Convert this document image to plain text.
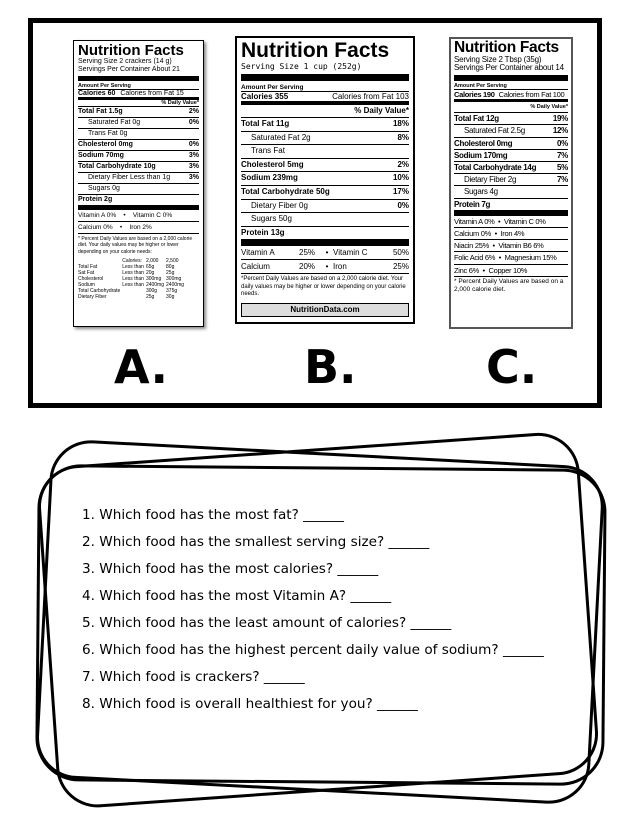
Nutrition Facts
Serving Size 2 crackers (14 g)
Servings Per Container About 21
Amount Per Serving
Calories 60 Calories from Fat 15
% Daily Value*
Total Fat 1.5g	2%
Saturated Fat 0g	0%
Trans Fat 0g
Cholesterol 0mg	0%
Sodium 70mg	3%
Total Carbohydrate 10g	3%
Dietary Fiber Less than 1g	3%
Sugars 0g
Protein 2g
Vitamin A 0%    •    Vitamin C 0%
Calcium 0%    •    Iron 2%
* Percent Daily Values are based on a 2,000 calorie diet. Your daily values may be higher or lower depending on your calorie needs:
	Calories:	2,000	2,500
Total Fat	Less than	65g	80g
Sat Fat	Less than	20g	25g
Cholesterol	Less than	300mg	300mg
Sodium	Less than	2400mg	2400mg
Total Carbohydrate		300g	375g
Dietary Fiber		25g	30g
Nutrition Facts
Serving Size 1 cup (252g)
Amount Per Serving
Calories 355	Calories from Fat 103
% Daily Value*
Total Fat 11g	18%
Saturated Fat 2g	8%
Trans Fat
Cholesterol 5mg	2%
Sodium 239mg	10%
Total Carbohydrate 50g	17%
Dietary Fiber 0g	0%
Sugars 50g
Protein 13g
Vitamin A	25%	• Vitamin C	50%
Calcium	20%	• Iron	25%
*Percent Daily Values are based on a 2,000 calorie diet. Your daily values may be higher or lower depending on your calorie needs.
NutritionData.com
Nutrition Facts
Serving Size 2 Tbsp (35g)
Servings Per Container about 14
Amount Per Serving
Calories 190 Calories from Fat 100
% Daily Value*
Total Fat 12g	19%
Saturated Fat 2.5g	12%
Cholesterol 0mg	0%
Sodium 170mg	7%
Total Carbohydrate 14g	5%
Dietary Fiber 2g	7%
Sugars 4g
Protein 7g
Vitamin A 0%  •  Vitamin C 0%
Calcium 0%  •  Iron 4%
Niacin 25%  •  Vitamin B6 6%
Folic Acid 6%  •  Magnesium 15%
Zinc 6%  •  Copper 10%
* Percent Daily Values are based on a 2,000 calorie diet.
A.	B.	C.
1. Which food has the most fat? ______
2. Which food has the smallest serving size? ______
3. Which food has the most calories? ______
4. Which food has the most Vitamin A? ______
5. Which food has the least amount of calories? ______
6. Which food has the highest percent daily value of sodium? ______
7. Which food is crackers? ______
8. Which food is overall healthiest for you? ______
